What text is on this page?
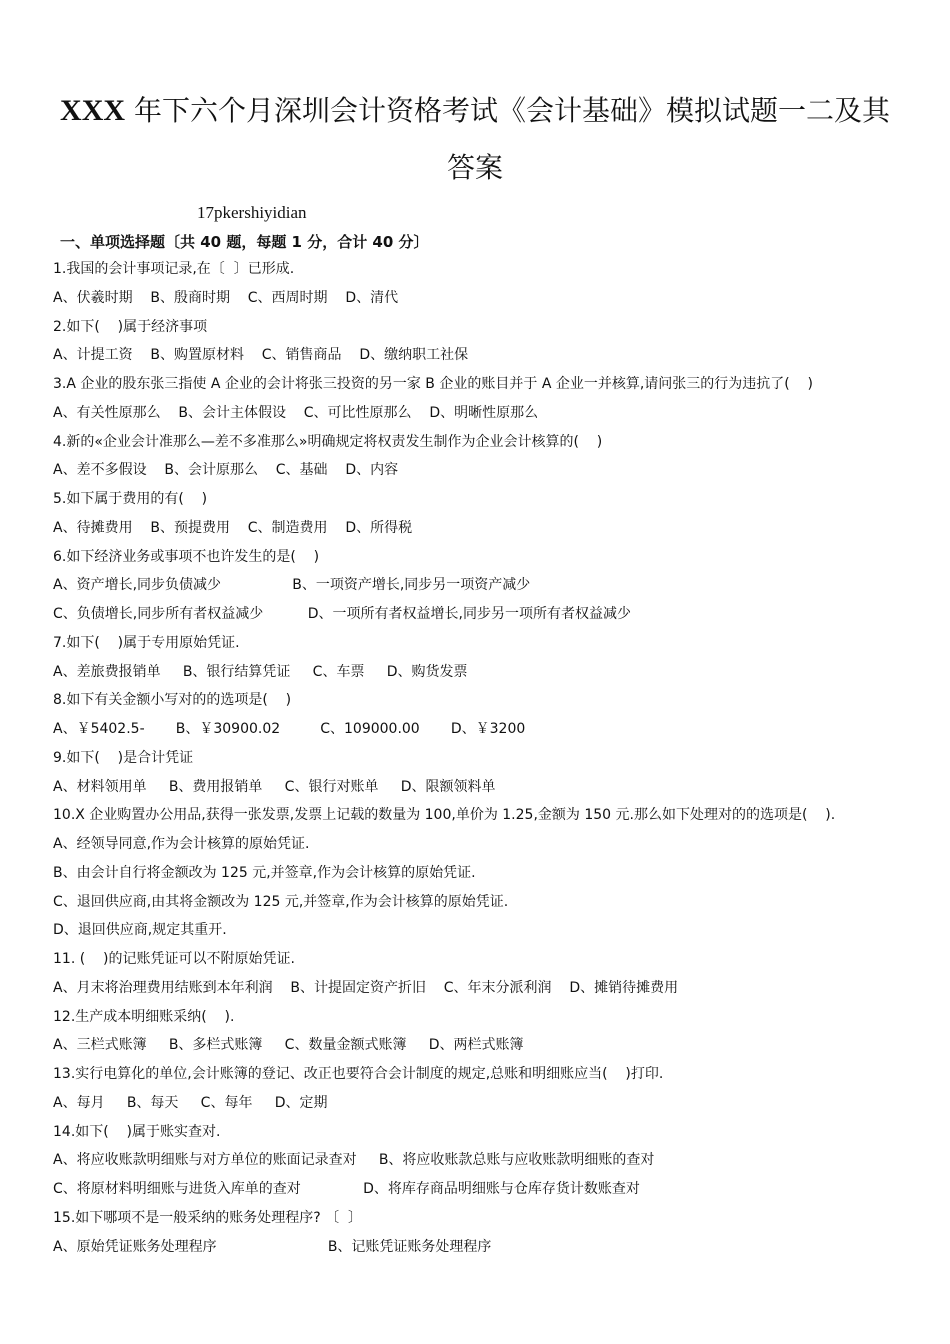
XXX 年下六个月深圳会计资格考试《会计基础》模拟试题一二及其
答案
17pkershiyidian
一、单项选择题〔共 40 题，每题 1 分，合计 40 分〕
1.我国的会计事项记录,在〔  〕已形成.
A、伏羲时期    B、殷商时期    C、西周时期    D、清代
2.如下(    )属于经济事项
A、计提工资    B、购置原材料    C、销售商品    D、缴纳职工社保
3.A 企业的股东张三指使 A 企业的会计将张三投资的另一家 B 企业的账目并于 A 企业一并核算,请问张三的行为违抗了(    )
A、有关性原那么    B、会计主体假设    C、可比性原那么    D、明晰性原那么
4.新的«企业会计准那么—差不多准那么»明确规定将权责发生制作为企业会计核算的(    )
A、差不多假设    B、会计原那么    C、基础    D、内容
5.如下属于费用的有(    )
A、待摊费用    B、预提费用    C、制造费用    D、所得税
6.如下经济业务或事项不也许发生的是(    )
A、资产增长,同步负债减少                B、一项资产增长,同步另一项资产减少
C、负债增长,同步所有者权益减少          D、一项所有者权益增长,同步另一项所有者权益减少
7.如下(    )属于专用原始凭证.
A、差旅费报销单     B、银行结算凭证     C、车票     D、购货发票
8.如下有关金额小写对的的选项是(    )
A、￥5402.5-       B、￥30900.02         C、109000.00       D、￥3200
9.如下(    )是合计凭证
A、材料领用单     B、费用报销单     C、银行对账单     D、限额领料单
10.X 企业购置办公用品,获得一张发票,发票上记载的数量为 100,单价为 1.25,金额为 150 元.那么如下处理对的的选项是(    ).
A、经领导同意,作为会计核算的原始凭证.
B、由会计自行将金额改为 125 元,并签章,作为会计核算的原始凭证.
C、退回供应商,由其将金额改为 125 元,并签章,作为会计核算的原始凭证.
D、退回供应商,规定其重开.
11. (    )的记账凭证可以不附原始凭证.
A、月末将治理费用结账到本年利润    B、计提固定资产折旧    C、年末分派利润    D、摊销待摊费用
12.生产成本明细账采纳(    ).
A、三栏式账簿     B、多栏式账簿     C、数量金额式账簿     D、两栏式账簿
13.实行电算化的单位,会计账簿的登记、改正也要符合会计制度的规定,总账和明细账应当(    )打印.
A、每月     B、每天     C、每年     D、定期
14.如下(    )属于账实查对.
A、将应收账款明细账与对方单位的账面记录查对     B、将应收账款总账与应收账款明细账的查对
C、将原材料明细账与进货入库单的查对              D、将库存商品明细账与仓库存货计数账查对
15.如下哪项不是一般采纳的账务处理程序? 〔  〕
A、原始凭证账务处理程序                         B、记账凭证账务处理程序
